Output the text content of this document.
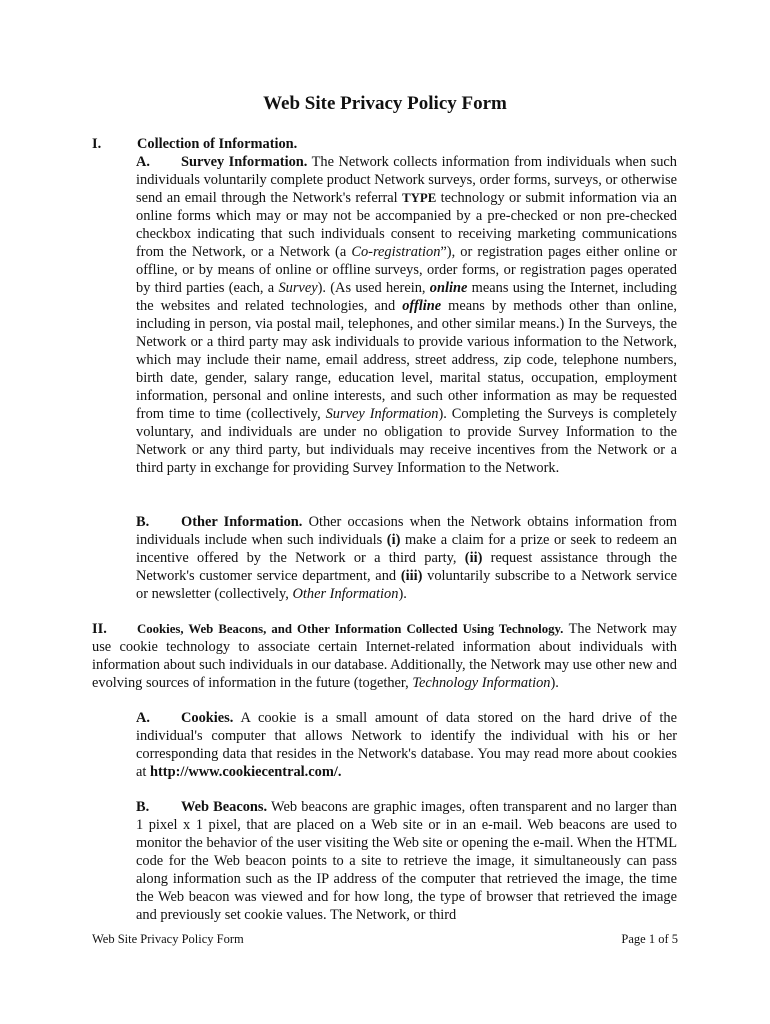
Web Site Privacy Policy Form

I. Collection of Information.

A. Survey Information. The Network collects information from individuals when such individuals voluntarily complete product Network surveys, order forms, surveys, or otherwise send an email through the Network's referral TYPE technology or submit information via an online forms which may or may not be accompanied by a pre-checked or non pre-checked checkbox indicating that such individuals consent to receiving marketing communications from the Network, or a Network (a Co-registration”), or registration pages either online or offline, or by means of online or offline surveys, order forms, or registration pages operated by third parties (each, a Survey). (As used herein, online means using the Internet, including the websites and related technologies, and offline means by methods other than online, including in person, via postal mail, telephones, and other similar means.) In the Surveys, the Network or a third party may ask individuals to provide various information to the Network, which may include their name, email address, street address, zip code, telephone numbers, birth date, gender, salary range, education level, marital status, occupation, employment information, personal and online interests, and such other information as may be requested from time to time (collectively, Survey Information). Completing the Surveys is completely voluntary, and individuals are under no obligation to provide Survey Information to the Network or any third party, but individuals may receive incentives from the Network or a third party in exchange for providing Survey Information to the Network.

B. Other Information. Other occasions when the Network obtains information from individuals include when such individuals (i) make a claim for a prize or seek to redeem an incentive offered by the Network or a third party, (ii) request assistance through the Network's customer service department, and (iii) voluntarily subscribe to a Network service or newsletter (collectively, Other Information).

II. Cookies, Web Beacons, and Other Information Collected Using Technology. The Network may use cookie technology to associate certain Internet-related information about individuals with information about such individuals in our database. Additionally, the Network may use other new and evolving sources of information in the future (together, Technology Information).

A. Cookies. A cookie is a small amount of data stored on the hard drive of the individual's computer that allows Network to identify the individual with his or her corresponding data that resides in the Network's database. You may read more about cookies at http://www.cookiecentral.com/.

B. Web Beacons. Web beacons are graphic images, often transparent and no larger than 1 pixel x 1 pixel, that are placed on a Web site or in an e-mail. Web beacons are used to monitor the behavior of the user visiting the Web site or opening the e-mail. When the HTML code for the Web beacon points to a site to retrieve the image, it simultaneously can pass along information such as the IP address of the computer that retrieved the image, the time the Web beacon was viewed and for how long, the type of browser that retrieved the image and previously set cookie values. The Network, or third

Web Site Privacy Policy Form	Page 1 of 5
